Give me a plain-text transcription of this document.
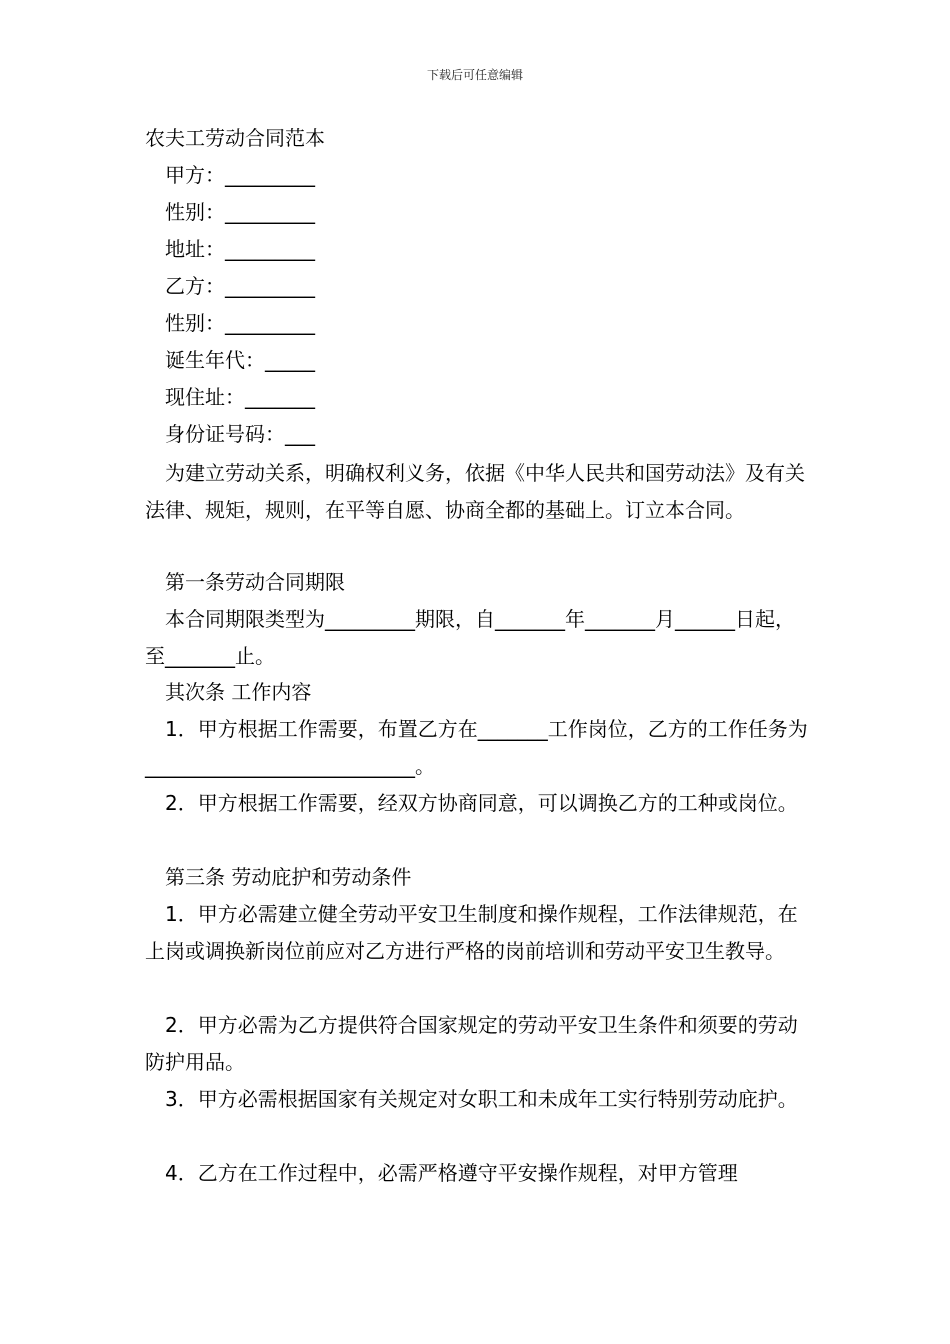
下载后可任意编辑
农夫工劳动合同范本
甲方：_________
性别：_________
地址：_________
乙方：_________
性别：_________
诞生年代：_____
现住址：_______
身份证号码：___
为建立劳动关系，明确权利义务，依据《中华人民共和国劳动法》及有关法律、规矩，规则，在平等自愿、协商全都的基础上。订立本合同。
第一条劳动合同期限
本合同期限类型为_________期限，自_______年_______月______日起，至_______止。
其次条 工作内容
1．甲方根据工作需要，布置乙方在_______工作岗位，乙方的工作任务为___________________________。
2．甲方根据工作需要，经双方协商同意，可以调换乙方的工种或岗位。
第三条 劳动庇护和劳动条件
1．甲方必需建立健全劳动平安卫生制度和操作规程，工作法律规范，在上岗或调换新岗位前应对乙方进行严格的岗前培训和劳动平安卫生教导。
2．甲方必需为乙方提供符合国家规定的劳动平安卫生条件和须要的劳动防护用品。
3．甲方必需根据国家有关规定对女职工和未成年工实行特别劳动庇护。
4．乙方在工作过程中，必需严格遵守平安操作规程，对甲方管理
